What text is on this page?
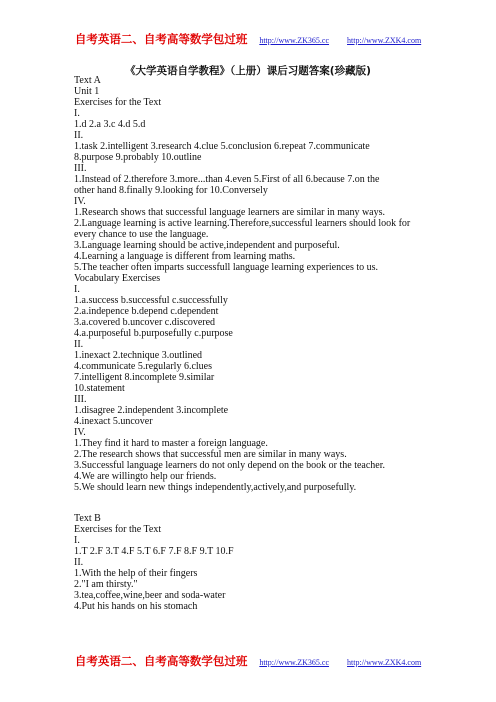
自考英语二、自考高等数学包过班 http://www.ZK365.cc http://www.ZXK4.com
《大学英语自学教程》（上册）课后习题答案(珍藏版)
Text A
Unit 1
Exercises for the Text
I.
1.d 2.a 3.c 4.d 5.d
II.
1.task 2.intelligent 3.research 4.clue 5.conclusion 6.repeat 7.communicate
8.purpose 9.probably 10.outline
III.
1.Instead of 2.therefore 3.more...than 4.even 5.First of all 6.because 7.on the
other hand 8.finally 9.looking for 10.Conversely
IV.
1.Research shows that successful language learners are similar in many ways.
2.Language learning is active learning.Therefore,successful learners should look for
every chance to use the language.
3.Language learning should be active,independent and purposeful.
4.Learning a language is different from learning maths.
5.The teacher often imparts successfull language learning experiences to us.
Vocabulary Exercises
I.
1.a.success b.successful c.successfully
2.a.indepence b.depend c.dependent
3.a.covered b.uncover c.discovered
4.a.purposeful b.purposefully c.purpose
II.
1.inexact 2.technique 3.outlined
4.communicate 5.regularly 6.clues
7.intelligent 8.incomplete 9.similar
10.statement
III.
1.disagree 2.independent 3.incomplete
4.inexact 5.uncover
IV.
1.They find it hard to master a foreign language.
2.The research shows that successful men are similar in many ways.
3.Successful language learners do not only depend on the book or the teacher.
4.We are willingto help our friends.
5.We should learn new things independently,actively,and purposefully.
Text B
Exercises for the Text
I.
1.T 2.F 3.T 4.F 5.T 6.F 7.F 8.F 9.T 10.F
II.
1.With the help of their fingers
2."I am thirsty."
3.tea,coffee,wine,beer and soda-water
4.Put his hands on his stomach
自考英语二、自考高等数学包过班 http://www.ZK365.cc http://www.ZXK4.com
